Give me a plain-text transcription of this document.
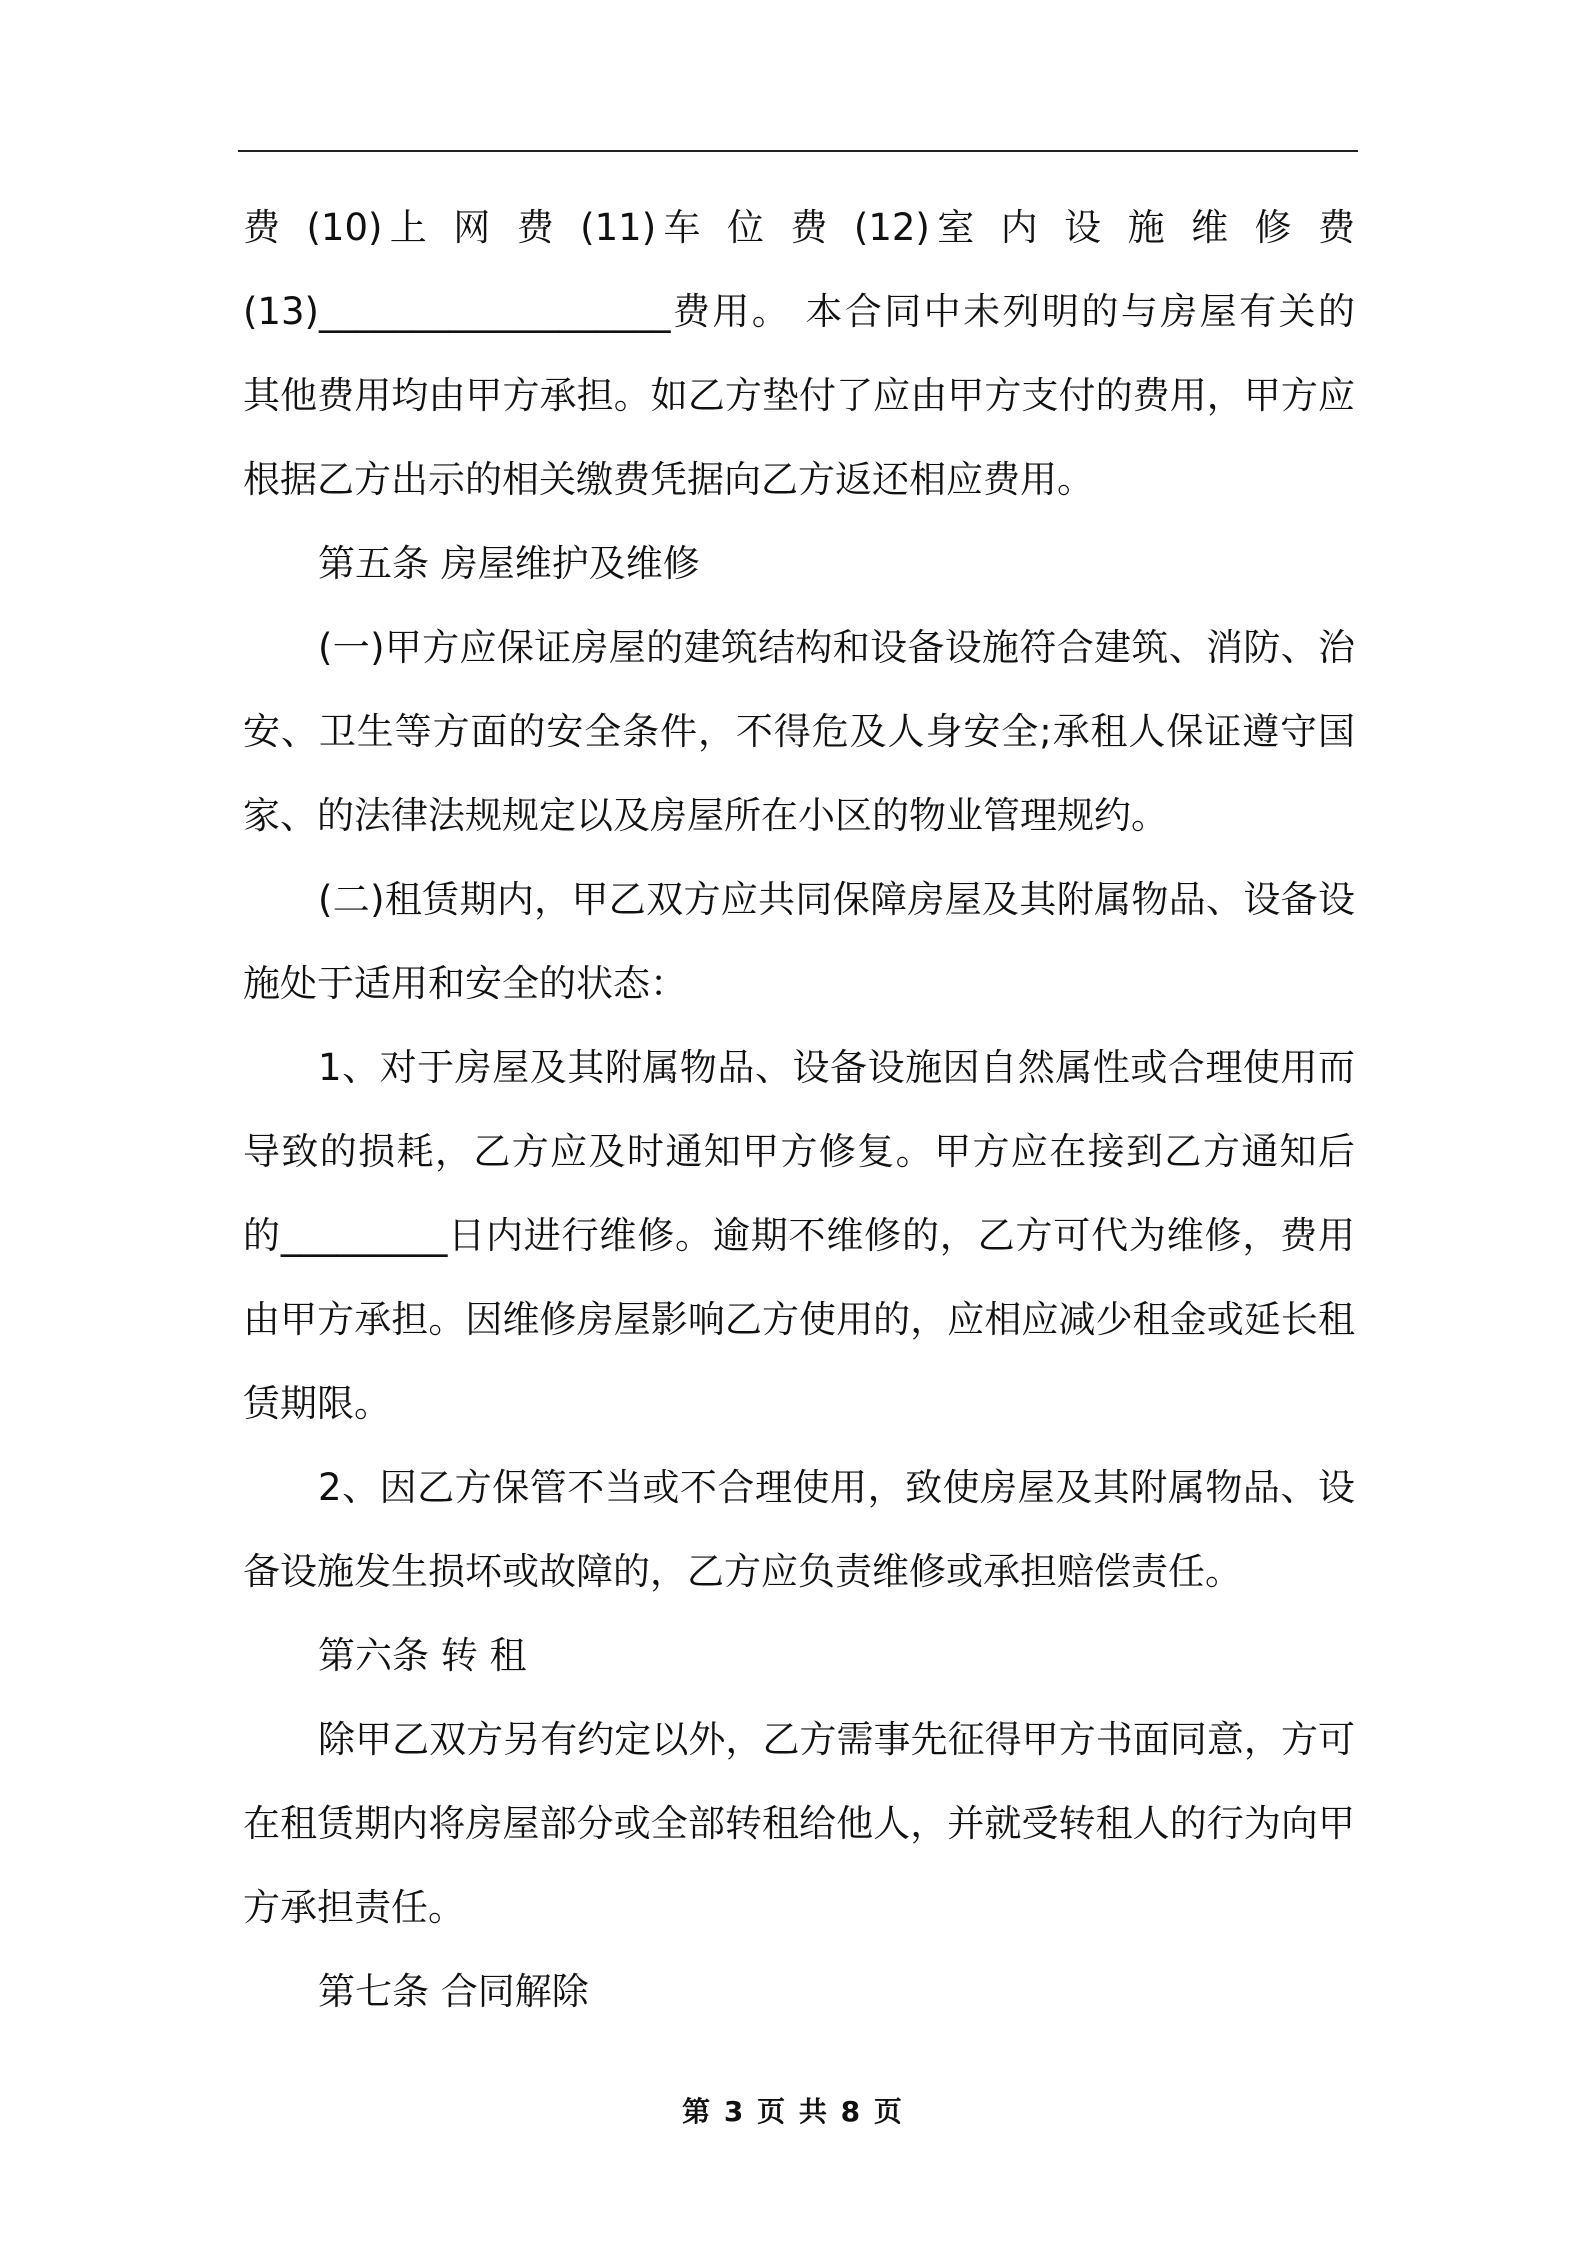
费 (10)上 网 费 (11)车 位 费 (12)室 内 设 施 维 修 费
(13)___________________费用。 本合同中未列明的与房屋有关的
其他费用均由甲方承担。如乙方垫付了应由甲方支付的费用，甲方应
根据乙方出示的相关缴费凭据向乙方返还相应费用。
第五条 房屋维护及维修
(一)甲方应保证房屋的建筑结构和设备设施符合建筑、消防、治
安、卫生等方面的安全条件，不得危及人身安全;承租人保证遵守国
家、的法律法规规定以及房屋所在小区的物业管理规约。
(二)租赁期内，甲乙双方应共同保障房屋及其附属物品、设备设
施处于适用和安全的状态：
1、对于房屋及其附属物品、设备设施因自然属性或合理使用而
导致的损耗，乙方应及时通知甲方修复。甲方应在接到乙方通知后
的_________日内进行维修。逾期不维修的，乙方可代为维修，费用
由甲方承担。因维修房屋影响乙方使用的，应相应减少租金或延长租
赁期限。
2、因乙方保管不当或不合理使用，致使房屋及其附属物品、设
备设施发生损坏或故障的，乙方应负责维修或承担赔偿责任。
第六条 转 租
除甲乙双方另有约定以外，乙方需事先征得甲方书面同意，方可
在租赁期内将房屋部分或全部转租给他人，并就受转租人的行为向甲
方承担责任。
第七条 合同解除
第 3 页 共 8 页
